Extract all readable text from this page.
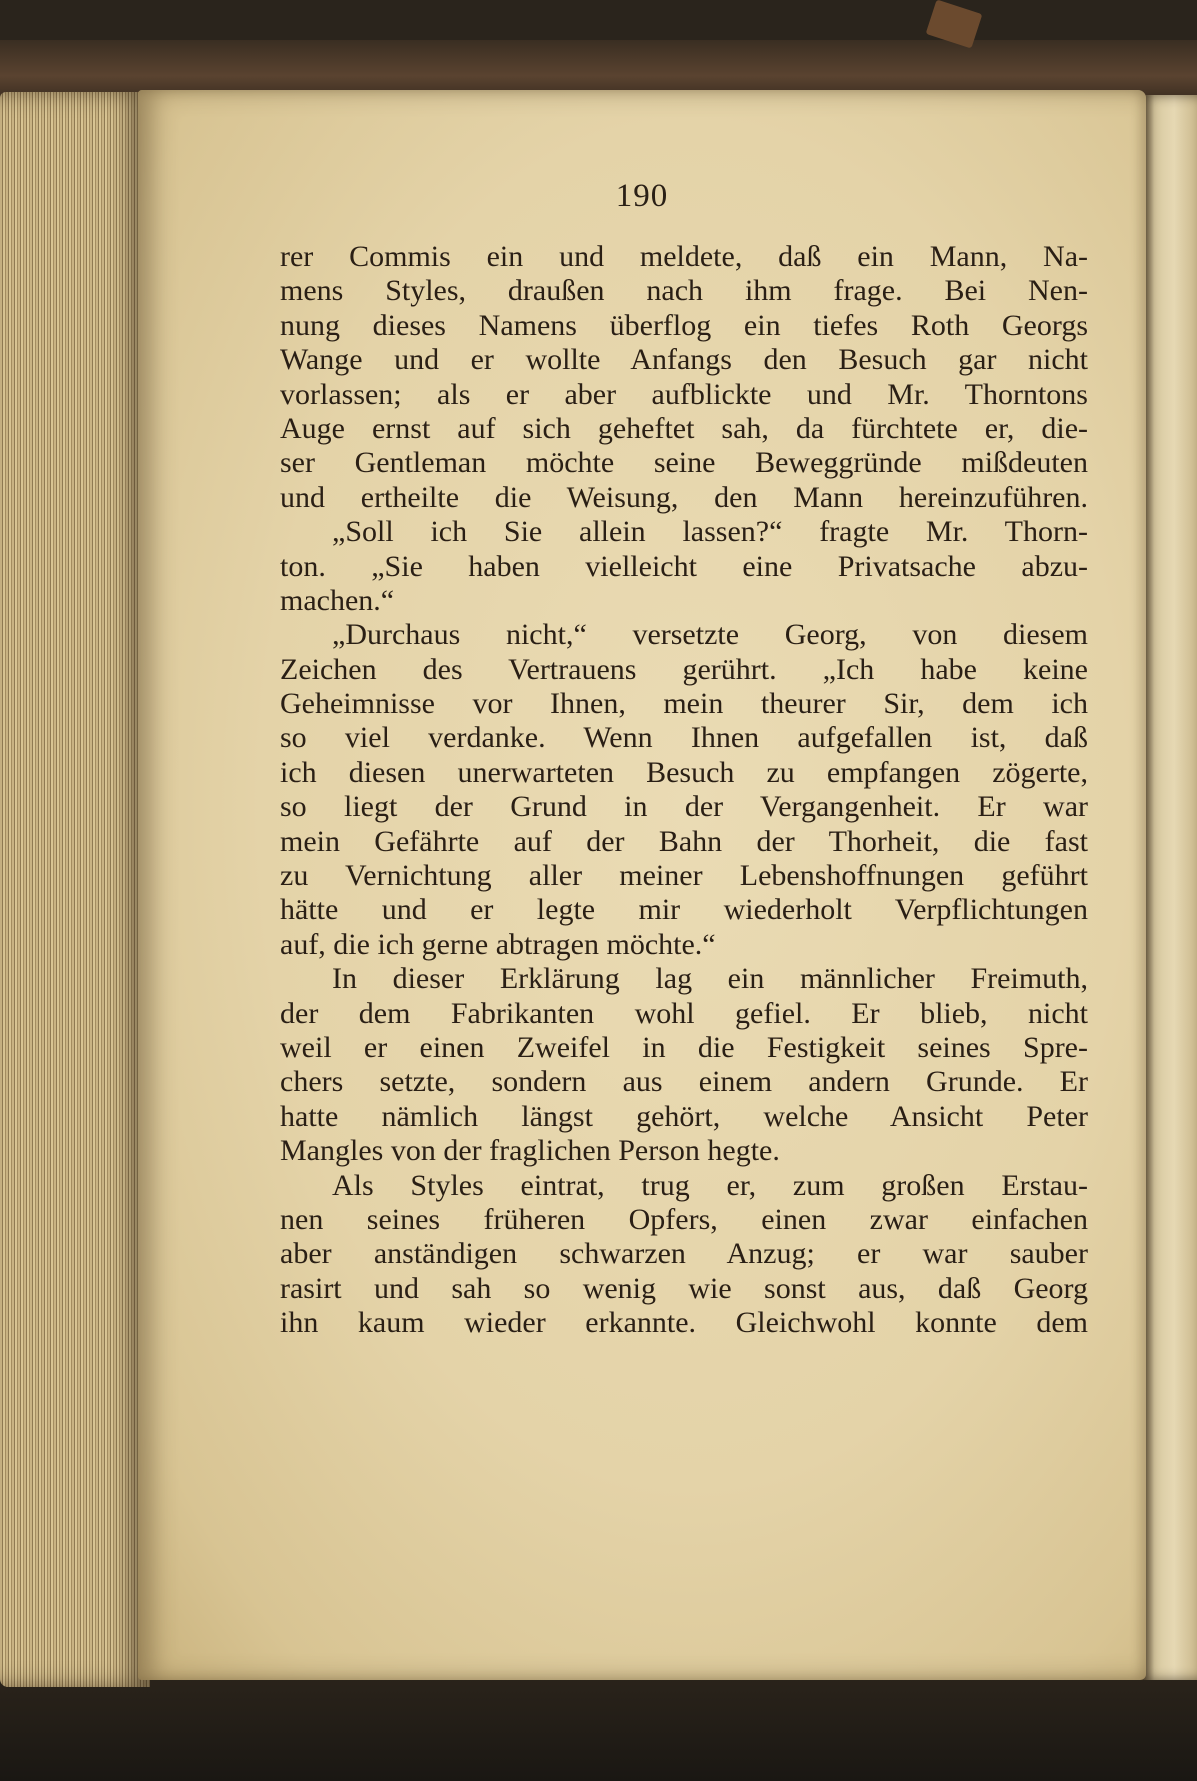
190
rer Commis ein und meldete, daß ein Mann, Na-
mens Styles, draußen nach ihm frage. Bei Nen-
nung dieses Namens überflog ein tiefes Roth Georgs
Wange und er wollte Anfangs den Besuch gar nicht
vorlassen; als er aber aufblickte und Mr. Thorntons
Auge ernst auf sich geheftet sah, da fürchtete er, die-
ser Gentleman möchte seine Beweggründe mißdeuten
und ertheilte die Weisung, den Mann hereinzuführen.
„Soll ich Sie allein lassen?“ fragte Mr. Thorn-
ton. „Sie haben vielleicht eine Privatsache abzu-
machen.“
„Durchaus nicht,“ versetzte Georg, von diesem
Zeichen des Vertrauens gerührt. „Ich habe keine
Geheimnisse vor Ihnen, mein theurer Sir, dem ich
so viel verdanke. Wenn Ihnen aufgefallen ist, daß
ich diesen unerwarteten Besuch zu empfangen zögerte,
so liegt der Grund in der Vergangenheit. Er war
mein Gefährte auf der Bahn der Thorheit, die fast
zu Vernichtung aller meiner Lebenshoffnungen geführt
hätte und er legte mir wiederholt Verpflichtungen
auf, die ich gerne abtragen möchte.“
In dieser Erklärung lag ein männlicher Freimuth,
der dem Fabrikanten wohl gefiel. Er blieb, nicht
weil er einen Zweifel in die Festigkeit seines Spre-
chers setzte, sondern aus einem andern Grunde. Er
hatte nämlich längst gehört, welche Ansicht Peter
Mangles von der fraglichen Person hegte.
Als Styles eintrat, trug er, zum großen Erstau-
nen seines früheren Opfers, einen zwar einfachen
aber anständigen schwarzen Anzug; er war sauber
rasirt und sah so wenig wie sonst aus, daß Georg
ihn kaum wieder erkannte. Gleichwohl konnte dem
